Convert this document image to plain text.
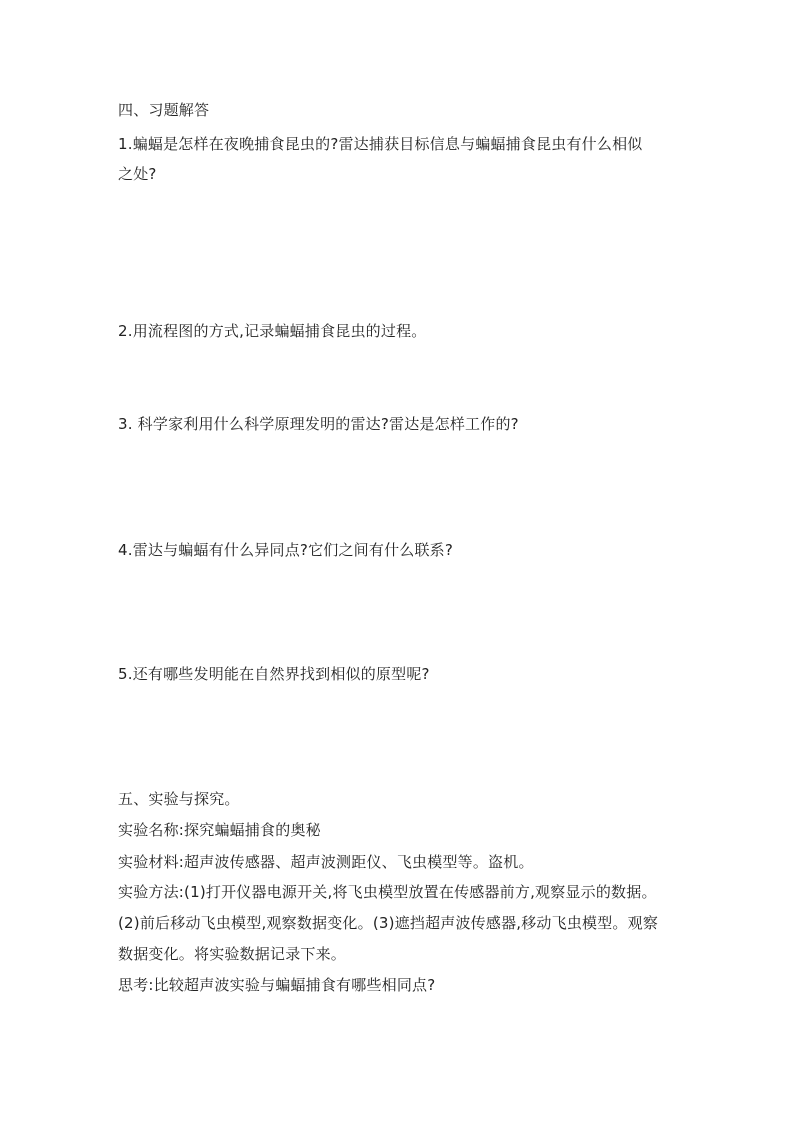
四、习题解答
1.蝙蝠是怎样在夜晚捕食昆虫的?雷达捕获目标信息与蝙蝠捕食昆虫有什么相似
之处?
2.用流程图的方式,记录蝙蝠捕食昆虫的过程。
3. 科学家利用什么科学原理发明的雷达?雷达是怎样工作的?
4.雷达与蝙蝠有什么异同点?它们之间有什么联系?
5.还有哪些发明能在自然界找到相似的原型呢?
五、实验与探究。
实验名称:探究蝙蝠捕食的奥秘
实验材料:超声波传感器、超声波测距仪、飞虫模型等。盗机。
实验方法:(1)打开仪器电源开关,将飞虫模型放置在传感器前方,观察显示的数据。
(2)前后移动飞虫模型,观察数据变化。(3)遮挡超声波传感器,移动飞虫模型。观察
数据变化。将实验数据记录下来。
思考:比较超声波实验与蝙蝠捕食有哪些相同点?
